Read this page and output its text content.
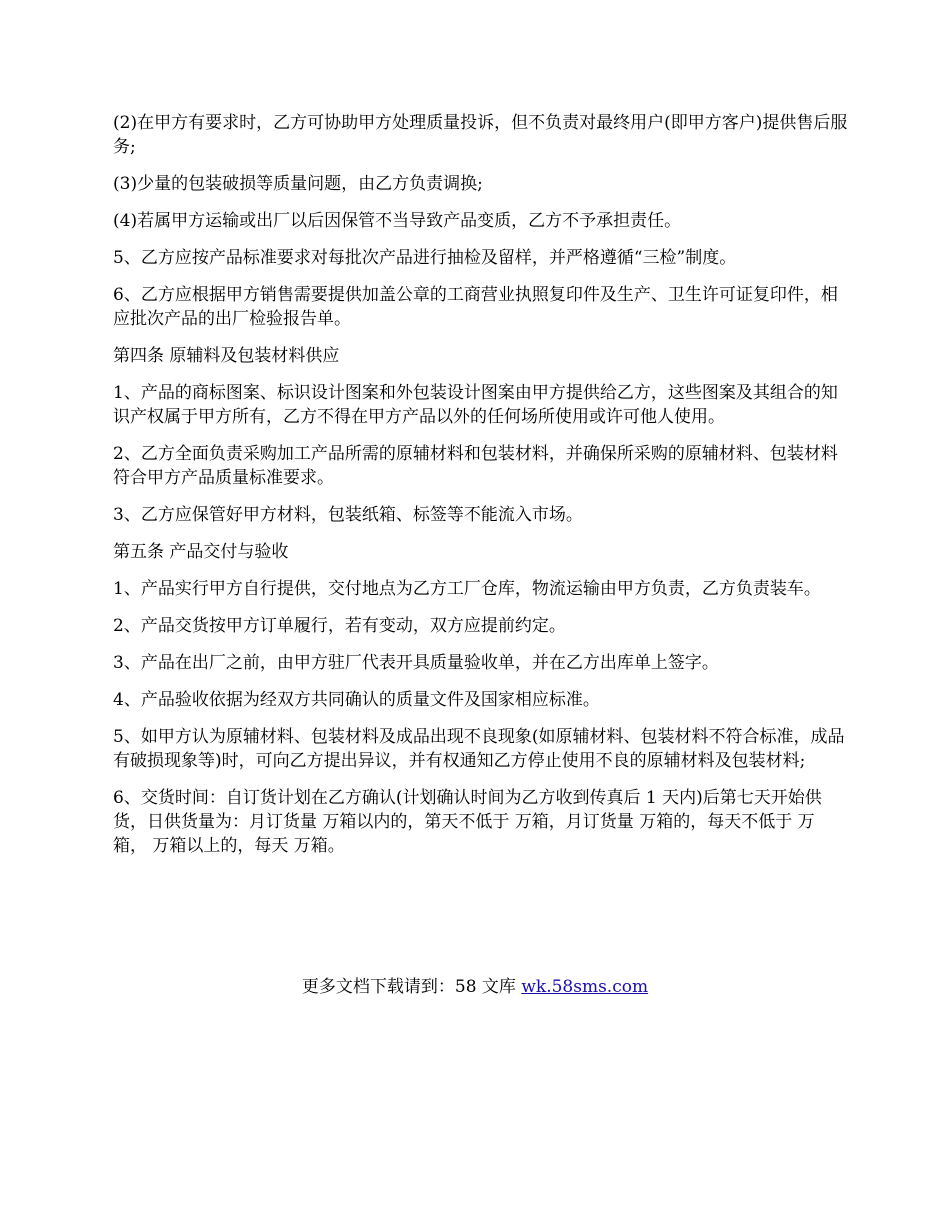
(2)在甲方有要求时，乙方可协助甲方处理质量投诉，但不负责对最终用户(即甲方客户)提供售后服务;

(3)少量的包装破损等质量问题，由乙方负责调换;

(4)若属甲方运输或出厂以后因保管不当导致产品变质，乙方不予承担责任。

5、乙方应按产品标准要求对每批次产品进行抽检及留样，并严格遵循“三检”制度。

6、乙方应根据甲方销售需要提供加盖公章的工商营业执照复印件及生产、卫生许可证复印件，相应批次产品的出厂检验报告单。

第四条 原辅料及包装材料供应

1、产品的商标图案、标识设计图案和外包装设计图案由甲方提供给乙方，这些图案及其组合的知识产权属于甲方所有，乙方不得在甲方产品以外的任何场所使用或许可他人使用。

2、乙方全面负责采购加工产品所需的原辅材料和包装材料，并确保所采购的原辅材料、包装材料符合甲方产品质量标准要求。

3、乙方应保管好甲方材料，包装纸箱、标签等不能流入市场。

第五条 产品交付与验收

1、产品实行甲方自行提供，交付地点为乙方工厂仓库，物流运输由甲方负责，乙方负责装车。

2、产品交货按甲方订单履行，若有变动，双方应提前约定。

3、产品在出厂之前，由甲方驻厂代表开具质量验收单，并在乙方出库单上签字。

4、产品验收依据为经双方共同确认的质量文件及国家相应标准。

5、如甲方认为原辅材料、包装材料及成品出现不良现象(如原辅材料、包装材料不符合标准，成品有破损现象等)时，可向乙方提出异议，并有权通知乙方停止使用不良的原辅材料及包装材料;

6、交货时间：自订货计划在乙方确认(计划确认时间为乙方收到传真后 1 天内)后第七天开始供货，日供货量为：月订货量 万箱以内的，第天不低于 万箱，月订货量 万箱的，每天不低于 万箱， 万箱以上的，每天 万箱。

更多文档下载请到：58 文库 wk.58sms.com
